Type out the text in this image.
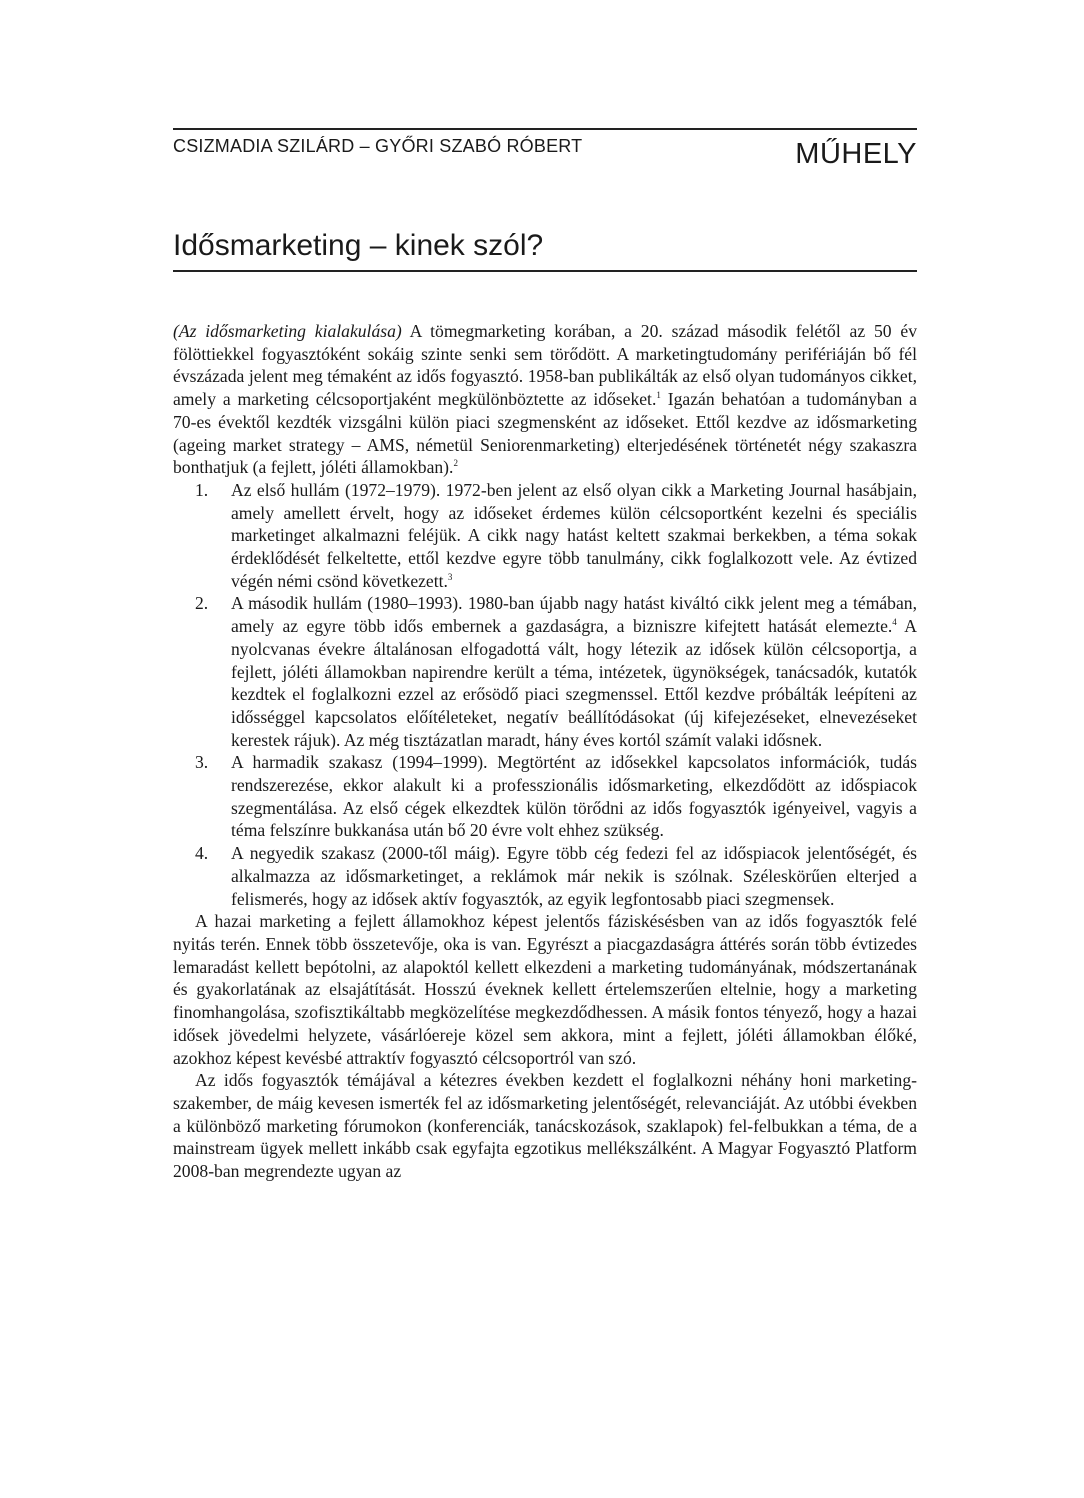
CSIZMADIA SZILÁRD – GYŐRI SZABÓ RÓBERT	MŰHELY
Idősmarketing – kinek szól?

(Az idősmarketing kialakulása) A tömegmarketing korában, a 20. század második felétől az 50 év fölöttiekkel fogyasztóként sokáig szinte senki sem törődött. A marketingtudomány perifériáján bő fél évszázada jelent meg témaként az idős fogyasztó. 1958-ban publikálták az első olyan tudományos cikket, amely a marketing célcsoportjaként megkülönböztette az időseket.$^1$ Igazán behatóan a tudományban a 70-es évektől kezdték vizsgálni külön piaci szegmensként az időseket. Ettől kezdve az idősmarketing (ageing market strategy – AMS, németül Seniorenmarketing) elterjedésének történetét négy szakaszra bonthatjuk (a fejlett, jóléti államokban).$^2$

1. Az első hullám (1972–1979). 1972-ben jelent az első olyan cikk a Marketing Journal hasábjain, amely amellett érvelt, hogy az időseket érdemes külön célcsoportként kezelni és speciális marketinget alkalmazni feléjük. A cikk nagy hatást keltett szakmai berkekben, a téma sokak érdeklődését felkeltette, ettől kezdve egyre több tanulmány, cikk foglalkozott vele. Az évtized végén némi csönd következett.$^3$
2. A második hullám (1980–1993). 1980-ban újabb nagy hatást kiváltó cikk jelent meg a témában, amely az egyre több idős embernek a gazdaságra, a bizniszre kifejtett hatását elemezte.$^4$ A nyolcvanas évekre általánosan elfogadottá vált, hogy létezik az idősek külön célcsoportja, a fejlett, jóléti államokban napirendre került a téma, intézetek, ügynökségek, tanácsadók, kutatók kezdtek el foglalkozni ezzel az erősödő piaci szegmenssel. Ettől kezdve próbálták leépíteni az idősséggel kapcsolatos előítéleteket, negatív beállítódásokat (új kifejezéseket, elnevezéseket kerestek rájuk). Az még tisztázatlan maradt, hány éves kortól számít valaki idősnek.
3. A harmadik szakasz (1994–1999). Megtörtént az idősekkel kapcsolatos információk, tudás rendszerezése, ekkor alakult ki a professzionális idősmarketing, elkezdődött az időspiacok szegmentálása. Az első cégek elkezdtek külön törődni az idős fogyasztók igényeivel, vagyis a téma felszínre bukkanása után bő 20 évre volt ehhez szükség.
4. A negyedik szakasz (2000-től máig). Egyre több cég fedezi fel az időspiacok jelentőségét, és alkalmazza az idősmarketinget, a reklámok már nekik is szólnak. Széleskörűen elterjed a felismerés, hogy az idősek aktív fogyasztók, az egyik legfontosabb piaci szegmensek.

A hazai marketing a fejlett államokhoz képest jelentős fáziskésésben van az idős fogyasztók felé nyitás terén. Ennek több összetevője, oka is van. Egyrészt a piacgazdaságra áttérés során több évtizedes lemaradást kellett bepótolni, az alapoktól kellett elkezdeni a marketing tudományának, módszertanának és gyakorlatának az elsajátítását. Hosszú éveknek kellett értelemszerűen eltelnie, hogy a marketing finomhangolása, szofisztikáltabb megközelítése megkezdődhessen. A másik fontos tényező, hogy a hazai idősek jövedelmi helyzete, vásárlóereje közel sem akkora, mint a fejlett, jóléti államokban élőké, azokhoz képest kevésbé attraktív fogyasztó célcsoportról van szó.

Az idős fogyasztók témájával a kétezres években kezdett el foglalkozni néhány honi marketing-szakember, de máig kevesen ismerték fel az idősmarketing jelentőségét, relevanciáját. Az utóbbi években a különböző marketing fórumokon (konferenciák, tanácskozások, szaklapok) fel-felbukkan a téma, de a mainstream ügyek mellett inkább csak egyfajta egzotikus mellékszálként. A Magyar Fogyasztó Platform 2008-ban megrendezte ugyan az
